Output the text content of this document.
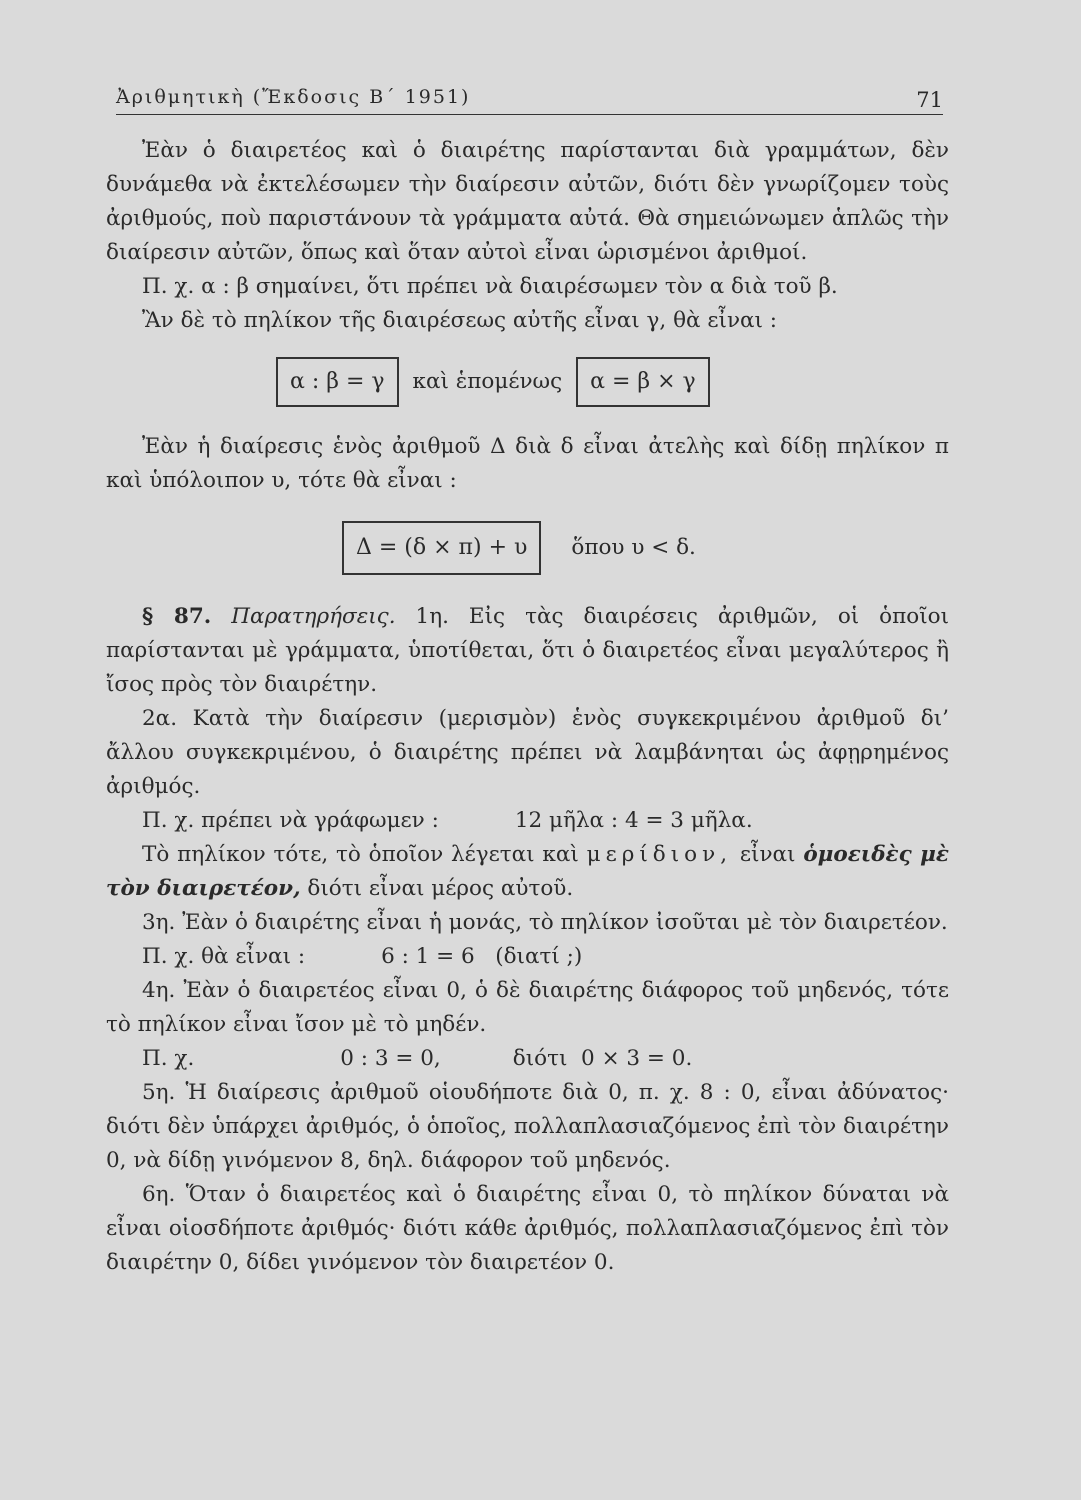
Ἀριθμητικὴ (Ἔκδοσις Β΄ 1951)	71

Ἐὰν ὁ διαιρετέος καὶ ὁ διαιρέτης παρίστανται διὰ γραμμάτων, δὲν δυνάμεθα νὰ ἐκτελέσωμεν τὴν διαίρεσιν αὐτῶν, διότι δὲν γνωρίζομεν τοὺς ἀριθμούς, ποὺ παριστάνουν τὰ γράμματα αὐτά. Θὰ σημειώνωμεν ἁπλῶς τὴν διαίρεσιν αὐτῶν, ὅπως καὶ ὅταν αὐτοὶ εἶναι ὡρισμένοι ἀριθμοί.

Π. χ. α : β σημαίνει, ὅτι πρέπει νὰ διαιρέσωμεν τὸν α διὰ τοῦ β.

Ἂν δὲ τὸ πηλίκον τῆς διαιρέσεως αὐτῆς εἶναι γ, θὰ εἶναι :

α : β = γ	καὶ ἑπομένως	α = β × γ

Ἐὰν ἡ διαίρεσις ἑνὸς ἀριθμοῦ Δ διὰ δ εἶναι ἀτελὴς καὶ δίδῃ πηλίκον π καὶ ὑπόλοιπον υ, τότε θὰ εἶναι :

Δ = (δ × π) + υ	ὅπου υ < δ.

§ 87. Παρατηρήσεις. 1η. Εἰς τὰς διαιρέσεις ἀριθμῶν, οἱ ὁποῖοι παρίστανται μὲ γράμματα, ὑποτίθεται, ὅτι ὁ διαιρετέος εἶναι μεγαλύτερος ἢ ἴσος πρὸς τὸν διαιρέτην.

2α. Κατὰ τὴν διαίρεσιν (μερισμὸν) ἑνὸς συγκεκριμένου ἀριθμοῦ δι’ ἄλλου συγκεκριμένου, ὁ διαιρέτης πρέπει νὰ λαμβάνηται ὡς ἀφῃρημένος ἀριθμός.

Π. χ. πρέπει νὰ γράφωμεν :	12 μῆλα : 4 = 3 μῆλα.

Τὸ πηλίκον τότε, τὸ ὁποῖον λέγεται καὶ μερίδιον, εἶναι ὁμοειδὲς μὲ τὸν διαιρετέον, διότι εἶναι μέρος αὐτοῦ.

3η. Ἐὰν ὁ διαιρέτης εἶναι ἡ μονάς, τὸ πηλίκον ἰσοῦται μὲ τὸν διαιρετέον.

Π. χ. θὰ εἶναι :	6 : 1 = 6   (διατί ;)

4η. Ἐὰν ὁ διαιρετέος εἶναι 0, ὁ δὲ διαιρέτης διάφορος τοῦ μηδενός, τότε τὸ πηλίκον εἶναι ἴσον μὲ τὸ μηδέν.

Π. χ.	0 : 3 = 0,	διότι  0 × 3 = 0.

5η. Ἡ διαίρεσις ἀριθμοῦ οἱουδήποτε διὰ 0, π. χ. 8 : 0, εἶναι ἀδύνατος· διότι δὲν ὑπάρχει ἀριθμός, ὁ ὁποῖος, πολλαπλασιαζόμενος ἐπὶ τὸν διαιρέτην 0, νὰ δίδῃ γινόμενον 8, δηλ. διάφορον τοῦ μηδενός.

6η. Ὅταν ὁ διαιρετέος καὶ ὁ διαιρέτης εἶναι 0, τὸ πηλίκον δύναται νὰ εἶναι οἱοσδήποτε ἀριθμός· διότι κάθε ἀριθμός, πολλαπλασιαζόμενος ἐπὶ τὸν διαιρέτην 0, δίδει γινόμενον τὸν διαιρετέον 0.
